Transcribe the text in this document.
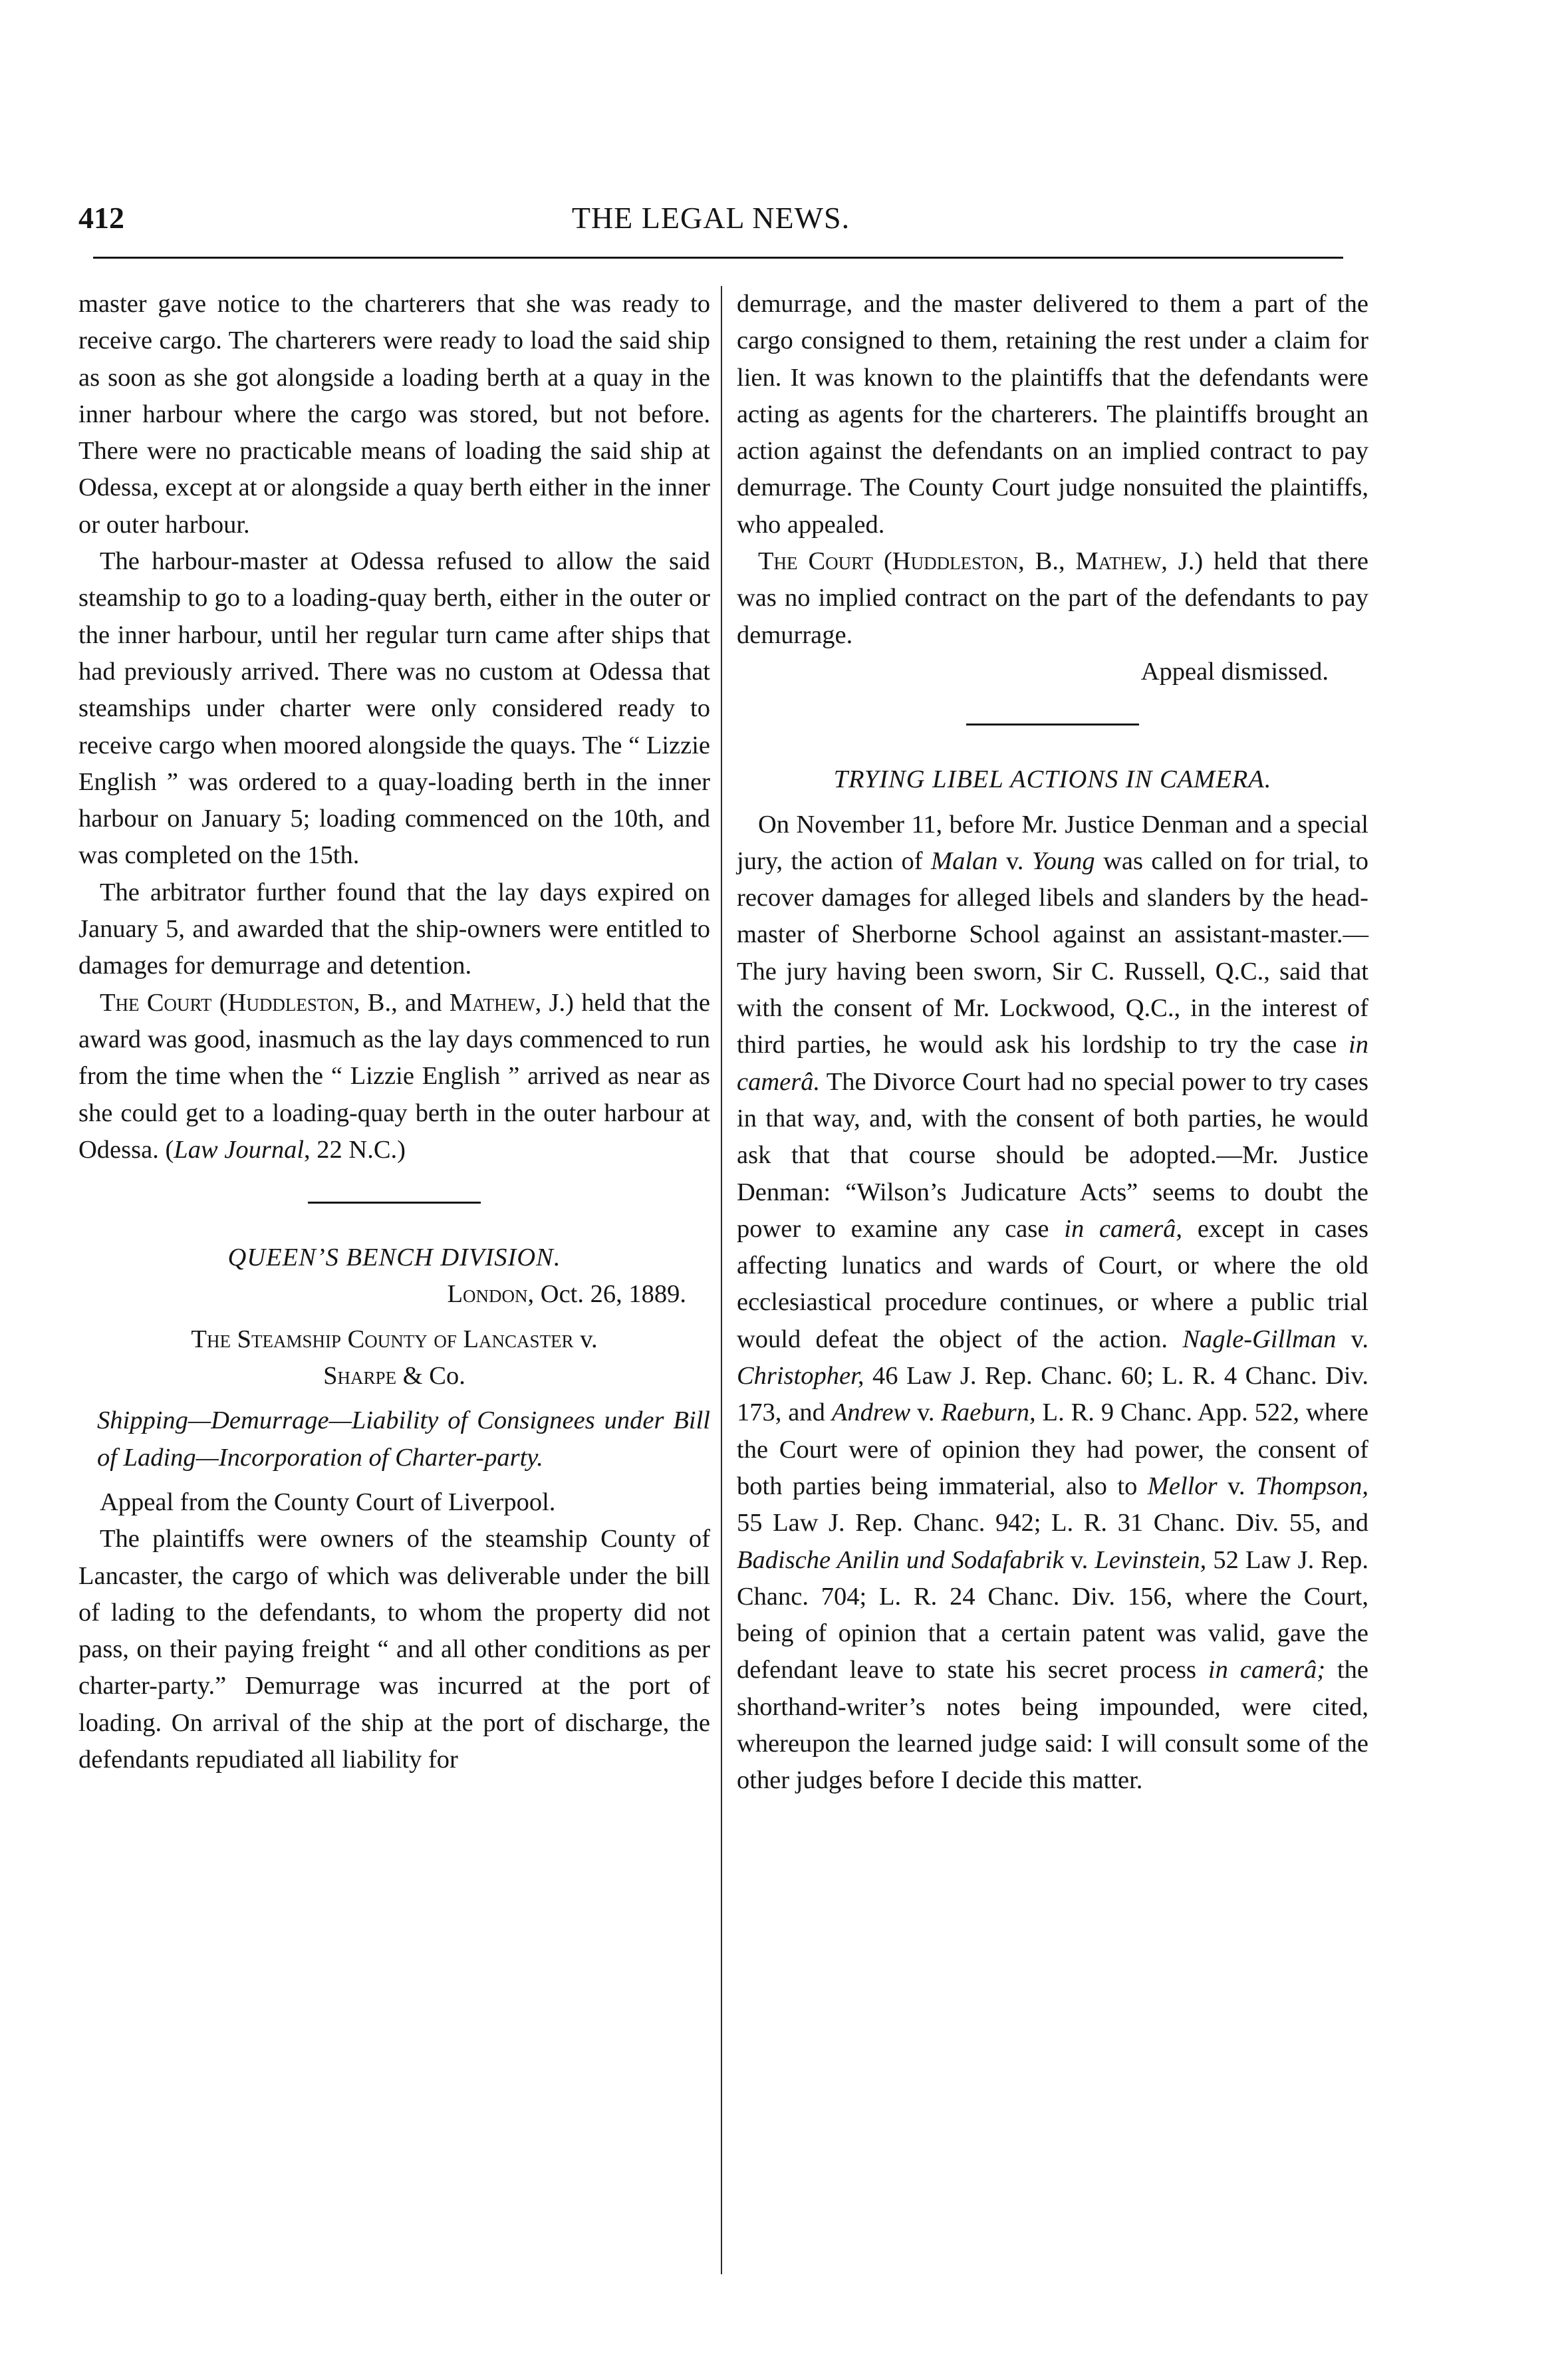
412	THE LEGAL NEWS.

master gave notice to the charterers that she was ready to receive cargo. The charterers were ready to load the said ship as soon as she got alongside a loading berth at a quay in the inner harbour where the cargo was stored, but not before. There were no practicable means of loading the said ship at Odessa, except at or alongside a quay berth either in the inner or outer harbour.

The harbour-master at Odessa refused to allow the said steamship to go to a loading-quay berth, either in the outer or the inner harbour, until her regular turn came after ships that had previously arrived. There was no custom at Odessa that steamships under charter were only considered ready to receive cargo when moored alongside the quays. The “ Lizzie English ” was ordered to a quay-loading berth in the inner harbour on January 5; loading commenced on the 10th, and was completed on the 15th.

The arbitrator further found that the lay days expired on January 5, and awarded that the ship-owners were entitled to damages for demurrage and detention.

The Court (Huddleston, B., and Mathew, J.) held that the award was good, inasmuch as the lay days commenced to run from the time when the “ Lizzie English ” arrived as near as she could get to a loading-quay berth in the outer harbour at Odessa. (Law Journal, 22 N.C.)

QUEEN’S BENCH DIVISION.

London, Oct. 26, 1889.

The Steamship County of Lancaster v.
Sharpe & Co.

Shipping—Demurrage—Liability of Consignees under Bill of Lading—Incorporation of Charter-party.

Appeal from the County Court of Liverpool.

The plaintiffs were owners of the steamship County of Lancaster, the cargo of which was deliverable under the bill of lading to the defendants, to whom the property did not pass, on their paying freight “ and all other conditions as per charter-party.” Demurrage was incurred at the port of loading. On arrival of the ship at the port of discharge, the defendants repudiated all liability for

demurrage, and the master delivered to them a part of the cargo consigned to them, retaining the rest under a claim for lien. It was known to the plaintiffs that the defendants were acting as agents for the charterers. The plaintiffs brought an action against the defendants on an implied contract to pay demurrage. The County Court judge nonsuited the plaintiffs, who appealed.

The Court (Huddleston, B., Mathew, J.) held that there was no implied contract on the part of the defendants to pay demurrage.

Appeal dismissed.

TRYING LIBEL ACTIONS IN CAMERA.

On November 11, before Mr. Justice Denman and a special jury, the action of Malan v. Young was called on for trial, to recover damages for alleged libels and slanders by the head-master of Sherborne School against an assistant-master.—The jury having been sworn, Sir C. Russell, Q.C., said that with the consent of Mr. Lockwood, Q.C., in the interest of third parties, he would ask his lordship to try the case in camerâ. The Divorce Court had no special power to try cases in that way, and, with the consent of both parties, he would ask that that course should be adopted.—Mr. Justice Denman: “Wilson’s Judicature Acts” seems to doubt the power to examine any case in camerâ, except in cases affecting lunatics and wards of Court, or where the old ecclesiastical procedure continues, or where a public trial would defeat the object of the action. Nagle-Gillman v. Christopher, 46 Law J. Rep. Chanc. 60; L. R. 4 Chanc. Div. 173, and Andrew v. Raeburn, L. R. 9 Chanc. App. 522, where the Court were of opinion they had power, the consent of both parties being immaterial, also to Mellor v. Thompson, 55 Law J. Rep. Chanc. 942; L. R. 31 Chanc. Div. 55, and Badische Anilin und Sodafabrik v. Levinstein, 52 Law J. Rep. Chanc. 704; L. R. 24 Chanc. Div. 156, where the Court, being of opinion that a certain patent was valid, gave the defendant leave to state his secret process in camerâ; the shorthand-writer’s notes being impounded, were cited, whereupon the learned judge said: I will consult some of the other judges before I decide this matter.
